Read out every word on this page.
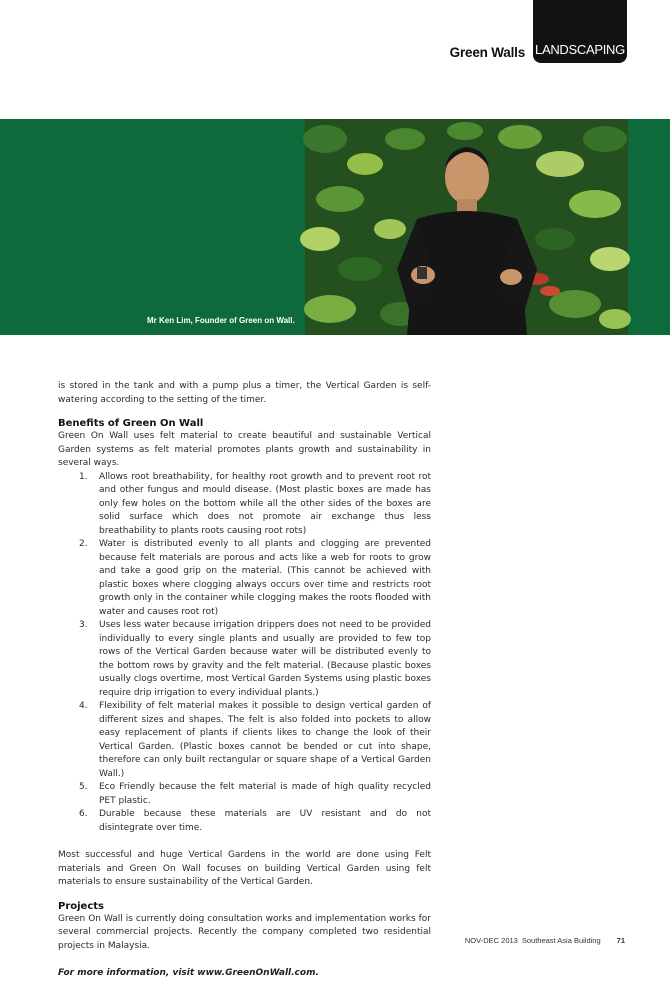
Green Walls LANDSCAPING
Mr Ken Lim, Founder of Green on Wall.

is stored in the tank and with a pump plus a timer, the Vertical Garden is self-watering according to the setting of the timer.

Benefits of Green On Wall

Green On Wall uses felt material to create beautiful and sustainable Vertical Garden systems as felt material promotes plants growth and sustainability in several ways.

1. Allows root breathability, for healthy root growth and to prevent root rot and other fungus and mould disease. (Most plastic boxes are made has only few holes on the bottom while all the other sides of the boxes are solid surface which does not promote air exchange thus less breathability to plants roots causing root rots)
2. Water is distributed evenly to all plants and clogging are prevented because felt materials are porous and acts like a web for roots to grow and take a good grip on the material. (This cannot be achieved with plastic boxes where clogging always occurs over time and restricts root growth only in the container while clogging makes the roots flooded with water and causes root rot)
3. Uses less water because irrigation drippers does not need to be provided individually to every single plants and usually are provided to few top rows of the Vertical Garden because water will be distributed evenly to the bottom rows by gravity and the felt material. (Because plastic boxes usually clogs overtime, most Vertical Garden Systems using plastic boxes require drip irrigation to every individual plants.)
4. Flexibility of felt material makes it possible to design vertical garden of different sizes and shapes. The felt is also folded into pockets to allow easy replacement of plants if clients likes to change the look of their Vertical Garden. (Plastic boxes cannot be bended or cut into shape, therefore can only built rectangular or square shape of a Vertical Garden Wall.)
5. Eco Friendly because the felt material is made of high quality recycled PET plastic.
6. Durable because these materials are UV resistant and do not disintegrate over time.

Most successful and huge Vertical Gardens in the world are done using Felt materials and Green On Wall focuses on building Vertical Garden using felt materials to ensure sustainability of the Vertical Garden.

Projects

Green On Wall is currently doing consultation works and implementation works for several commercial projects. Recently the company completed two residential projects in Malaysia.

For more information, visit www.GreenOnWall.com.

NOV-DEC 2013 Southeast Asia Building 71
